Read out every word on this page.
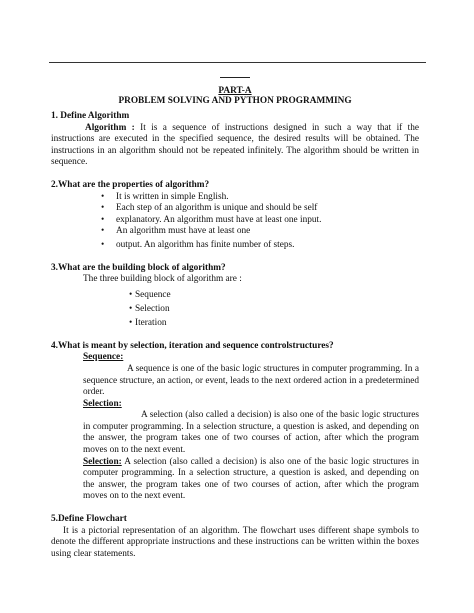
PART-A
PROBLEM SOLVING AND PYTHON PROGRAMMING

1. Define Algorithm

Algorithm : It is a sequence of instructions designed in such a way that if the instructions are executed in the specified sequence, the desired results will be obtained. The instructions in an algorithm should not be repeated infinitely. The algorithm should be written in sequence.

2.What are the properties of algorithm?

• It is written in simple English.
• Each step of an algorithm is unique and should be self
• explanatory. An algorithm must have at least one input.
• An algorithm must have at least one
• output. An algorithm has finite number of steps.

3.What are the building block of algorithm?

The three building block of algorithm are :

• Sequence
• Selection
• Iteration

4.What is meant by selection, iteration and sequence controlstructures?

Sequence:

A sequence is one of the basic logic structures in computer programming. In a sequence structure, an action, or event, leads to the next ordered action in a predetermined order.

Selection:

A selection (also called a decision) is also one of the basic logic structures in computer programming. In a selection structure, a question is asked, and depending on the answer, the program takes one of two courses of action, after which the program moves on to the next event.

Selection: A selection (also called a decision) is also one of the basic logic structures in computer programming. In a selection structure, a question is asked, and depending on the answer, the program takes one of two courses of action, after which the program moves on to the next event.

5.Define Flowchart

It is a pictorial representation of an algorithm. The flowchart uses different shape symbols to denote the different appropriate instructions and these instructions can be written within the boxes using clear statements.
